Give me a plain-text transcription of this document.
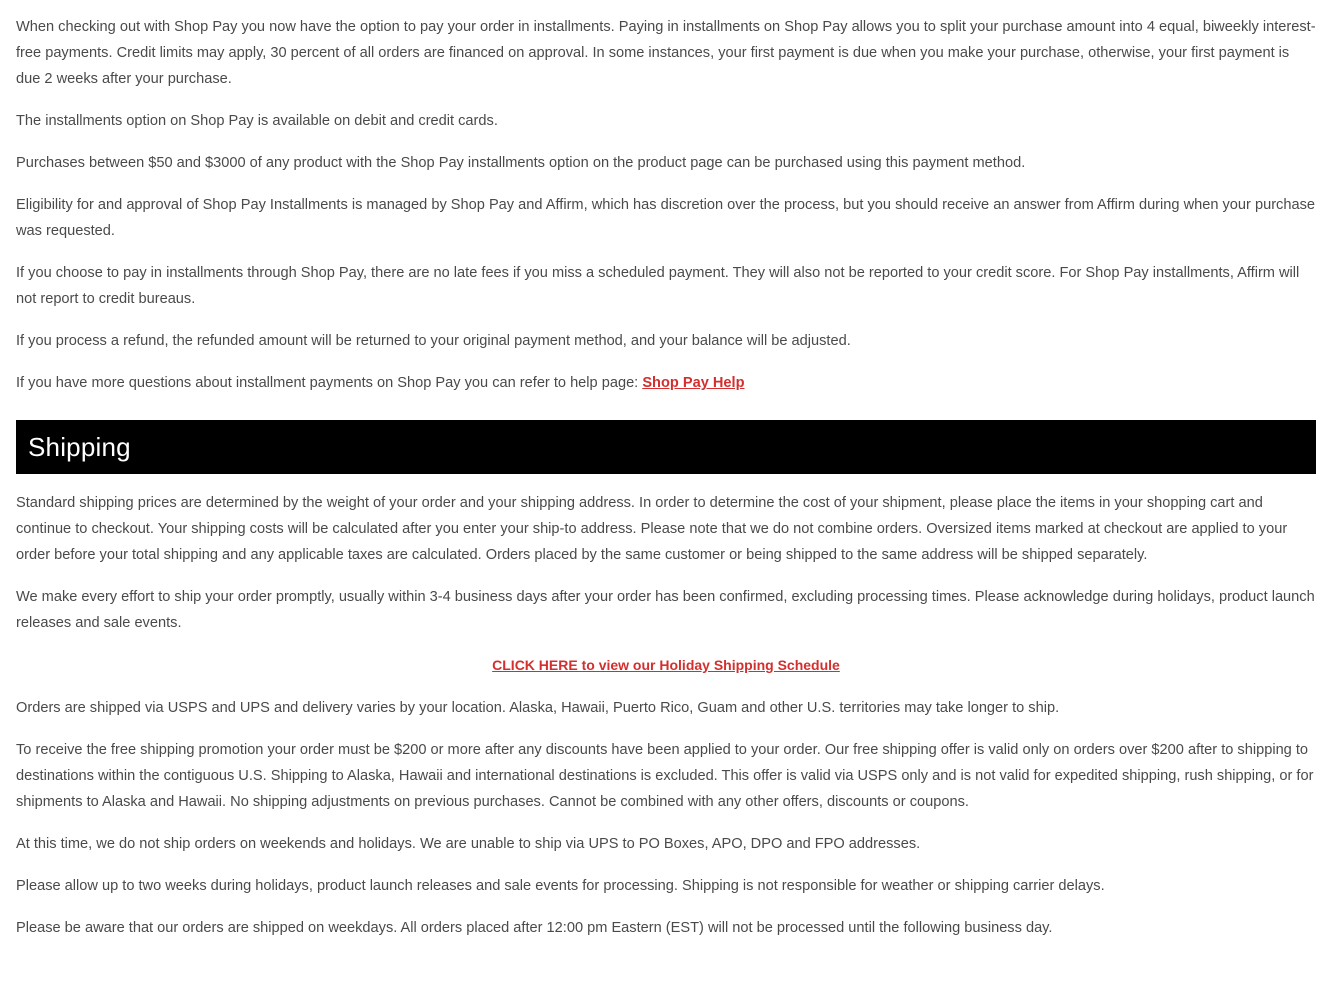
When checking out with Shop Pay you now have the option to pay your order in installments. Paying in installments on Shop Pay allows you to split your purchase amount into 4 equal, biweekly interest-free payments. Credit limits may apply, 30 percent of all orders are financed on approval. In some instances, your first payment is due when you make your purchase, otherwise, your first payment is due 2 weeks after your purchase.

The installments option on Shop Pay is available on debit and credit cards.

Purchases between $50 and $3000 of any product with the Shop Pay installments option on the product page can be purchased using this payment method.

Eligibility for and approval of Shop Pay Installments is managed by Shop Pay and Affirm, which has discretion over the process, but you should receive an answer from Affirm during when your purchase was requested.

If you choose to pay in installments through Shop Pay, there are no late fees if you miss a scheduled payment. They will also not be reported to your credit score. For Shop Pay installments, Affirm will not report to credit bureaus.

If you process a refund, the refunded amount will be returned to your original payment method, and your balance will be adjusted.

If you have more questions about installment payments on Shop Pay you can refer to help page: Shop Pay Help

Shipping

Standard shipping prices are determined by the weight of your order and your shipping address. In order to determine the cost of your shipment, please place the items in your shopping cart and continue to checkout. Your shipping costs will be calculated after you enter your ship-to address. Please note that we do not combine orders. Oversized items marked at checkout are applied to your order before your total shipping and any applicable taxes are calculated. Orders placed by the same customer or being shipped to the same address will be shipped separately.

We make every effort to ship your order promptly, usually within 3-4 business days after your order has been confirmed, excluding processing times. Please acknowledge during holidays, product launch releases and sale events.

CLICK HERE to view our Holiday Shipping Schedule

Orders are shipped via USPS and UPS and delivery varies by your location. Alaska, Hawaii, Puerto Rico, Guam and other U.S. territories may take longer to ship.

To receive the free shipping promotion your order must be $200 or more after any discounts have been applied to your order. Our free shipping offer is valid only on orders over $200 after to shipping to destinations within the contiguous U.S. Shipping to Alaska, Hawaii and international destinations is excluded. This offer is valid via USPS only and is not valid for expedited shipping, rush shipping, or for shipments to Alaska and Hawaii. No shipping adjustments on previous purchases. Cannot be combined with any other offers, discounts or coupons.

At this time, we do not ship orders on weekends and holidays. We are unable to ship via UPS to PO Boxes, APO, DPO and FPO addresses.

Please allow up to two weeks during holidays, product launch releases and sale events for processing. Shipping is not responsible for weather or shipping carrier delays.

Please be aware that our orders are shipped on weekdays. All orders placed after 12:00 pm Eastern (EST) will not be processed until the following business day.
